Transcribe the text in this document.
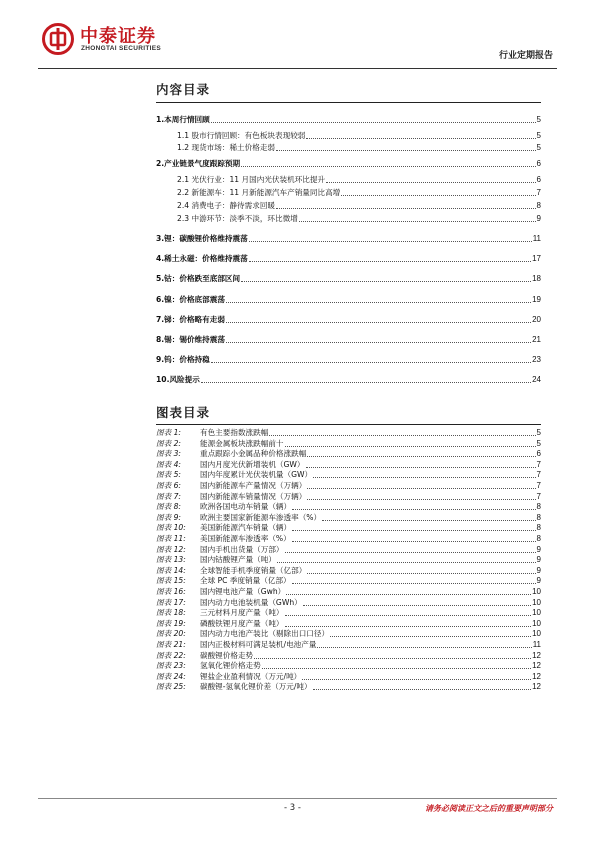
中泰证券
ZHONGTAI SECURITIES
行业定期报告
内容目录
1.本周行情回顾	5
1.1 股市行情回顾：有色板块表现较弱	5
1.2 现货市场：稀土价格走弱	5
2.产业链景气度跟踪预期	6
2.1 光伏行业：11 月国内光伏装机环比提升	6
2.2 新能源车：11 月新能源汽车产销量同比高增	7
2.4 消费电子：静待需求回暖	8
2.3 中游环节：淡季不淡，环比微增	9
3.锂：碳酸锂价格维持震荡	11
4.稀土永磁：价格维持震荡	17
5.钴：价格跌至底部区间	18
6.镍：价格底部震荡	19
7.锑：价格略有走弱	20
8.锡：锡价维持震荡	21
9.钨：价格持稳	23
10.风险提示	24
图表目录
图表 1:	有色主要指数涨跌幅	5
图表 2:	能源金属板块涨跌幅前十	5
图表 3:	重点跟踪小金属品种价格涨跌幅	6
图表 4:	国内月度光伏新增装机（GW）	7
图表 5:	国内年度累计光伏装机量（GW）	7
图表 6:	国内新能源车产量情况（万辆）	7
图表 7:	国内新能源车销量情况（万辆）	7
图表 8:	欧洲各国电动车销量（辆）	8
图表 9:	欧洲主要国家新能源车渗透率（%）	8
图表 10: 美国新能源汽车销量（辆）	8
图表 11: 美国新能源车渗透率（%）	8
图表 12: 国内手机出货量（万部）	9
图表 13: 国内钴酸锂产量（吨）	9
图表 14: 全球智能手机季度销量（亿部）	9
图表 15: 全球 PC 季度销量（亿部）	9
图表 16: 国内锂电池产量（Gwh）	10
图表 17: 国内动力电池装机量（GWh）	10
图表 18: 三元材料月度产量（吨）	10
图表 19: 磷酸铁锂月度产量（吨）	10
图表 20: 国内动力电池产装比（剔除出口口径）	10
图表 21: 国内正极材料可满足装机/电池产量	11
图表 22: 碳酸锂价格走势	12
图表 23: 氢氧化锂价格走势	12
图表 24: 锂盐企业盈利情况（万元/吨）	12
图表 25: 碳酸锂-氢氧化锂价差（万元/吨）	12
- 3 -	请务必阅读正文之后的重要声明部分
